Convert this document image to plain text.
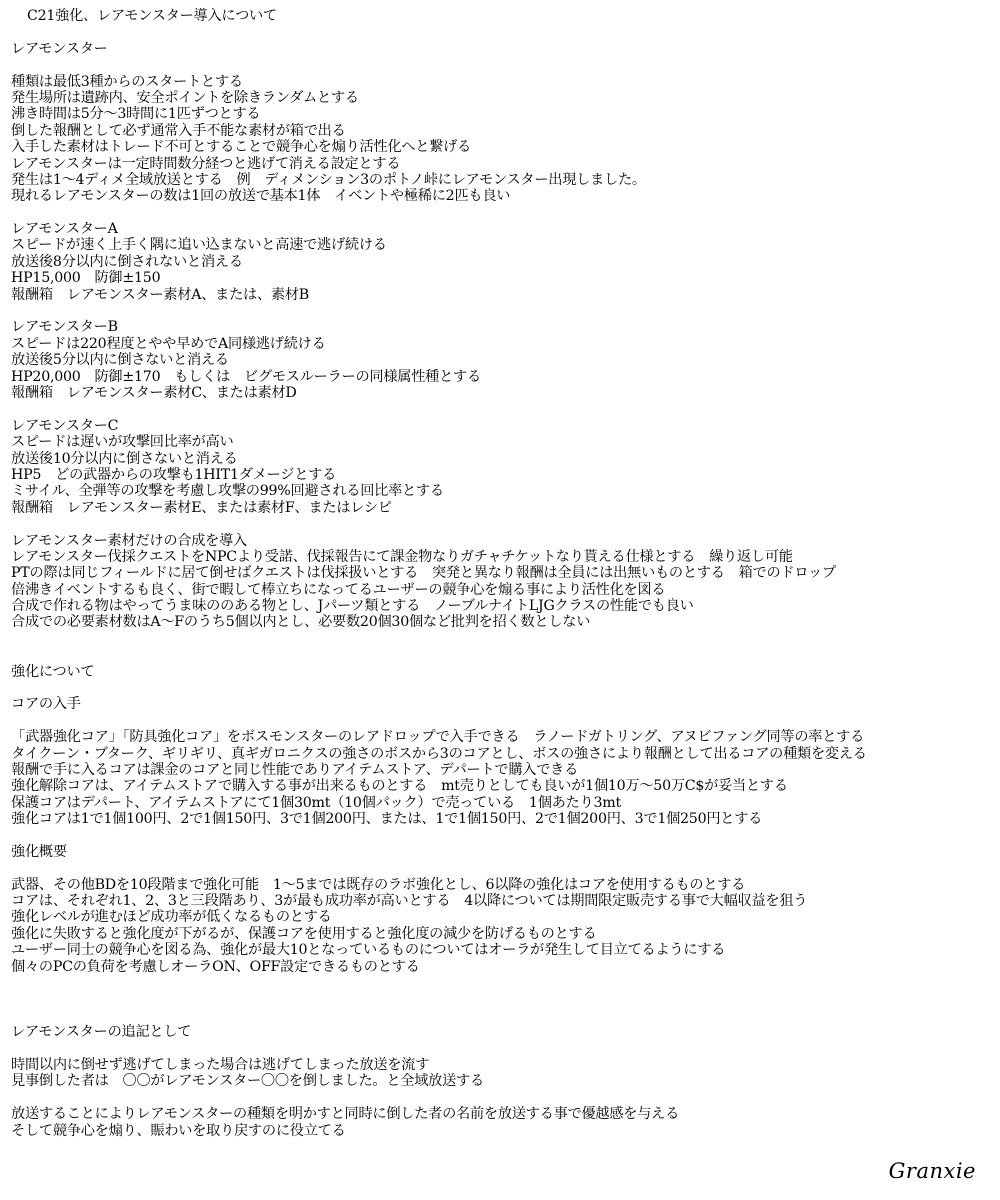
C21強化、レアモンスター導入について
レアモンスター
種類は最低3種からのスタートとする
発生場所は遺跡内、安全ポイントを除きランダムとする
沸き時間は5分～3時間に1匹ずつとする
倒した報酬として必ず通常入手不能な素材が箱で出る
入手した素材はトレード不可とすることで競争心を煽り活性化へと繋げる
レアモンスターは一定時間数分経つと逃げて消える設定とする
発生は1～4ディメ全域放送とする　例　ディメンション3のポトノ峠にレアモンスター出現しました。
現れるレアモンスターの数は1回の放送で基本1体　イベントや極稀に2匹も良い
レアモンスターA
スピードが速く上手く隅に追い込まないと高速で逃げ続ける
放送後8分以内に倒されないと消える
HP15,000　防御±150
報酬箱　レアモンスター素材A、または、素材B
レアモンスターB
スピードは220程度とやや早めでA同様逃げ続ける
放送後5分以内に倒さないと消える
HP20,000　防御±170　もしくは　ビグモスルーラーの同様属性種とする
報酬箱　レアモンスター素材C、または素材D
レアモンスターC
スピードは遅いが攻撃回比率が高い
放送後10分以内に倒さないと消える
HP5　どの武器からの攻撃も1HIT1ダメージとする
ミサイル、全弾等の攻撃を考慮し攻撃の99%回避される回比率とする
報酬箱　レアモンスター素材E、または素材F、またはレシピ
レアモンスター素材だけの合成を導入
レアモンスター伐採クエストをNPCより受諾、伐採報告にて課金物なりガチャチケットなり貰える仕様とする　繰り返し可能
PTの際は同じフィールドに居て倒せばクエストは伐採扱いとする　突発と異なり報酬は全員には出無いものとする　箱でのドロップ
倍沸きイベントするも良く、街で暇して棒立ちになってるユーザーの競争心を煽る事により活性化を図る
合成で作れる物はやってうま味ののある物とし、Jパーツ類とする　ノーブルナイトLJGクラスの性能でも良い
合成での必要素材数はA～Fのうち5個以内とし、必要数20個30個など批判を招く数としない
強化について
コアの入手
「武器強化コア」「防具強化コア」をボスモンスターのレアドロップで入手できる　ラノードガトリング、アヌビファング同等の率とする
タイクーン・ブターク、ギリギリ、真ギガロニクスの強さのボスから3のコアとし、ボスの強さにより報酬として出るコアの種類を変える
報酬で手に入るコアは課金のコアと同じ性能でありアイテムストア、デパートで購入できる
強化解除コアは、アイテムストアで購入する事が出来るものとする　mt売りとしても良いが1個10万～50万C$が妥当とする
保護コアはデパート、アイテムストアにて1個30mt（10個パック）で売っている　1個あたり3mt
強化コアは1で1個100円、2で1個150円、3で1個200円、または、1で1個150円、2で1個200円、3で1個250円とする
強化概要
武器、その他BDを10段階まで強化可能　1～5までは既存のラボ強化とし、6以降の強化はコアを使用するものとする
コアは、それぞれ1、2、3と三段階あり、3が最も成功率が高いとする　4以降については期間限定販売する事で大幅収益を狙う
強化レベルが進むほど成功率が低くなるものとする
強化に失敗すると強化度が下がるが、保護コアを使用すると強化度の減少を防げるものとする
ユーザー同士の競争心を図る為、強化が最大10となっているものについてはオーラが発生して目立てるようにする
個々のPCの負荷を考慮しオーラON、OFF設定できるものとする
レアモンスターの追記として
時間以内に倒せず逃げてしまった場合は逃げてしまった放送を流す
見事倒した者は　〇〇がレアモンスター〇〇を倒しました。と全域放送する
放送することによりレアモンスターの種類を明かすと同時に倒した者の名前を放送する事で優越感を与える
そして競争心を煽り、賑わいを取り戻すのに役立てる
Granxie
